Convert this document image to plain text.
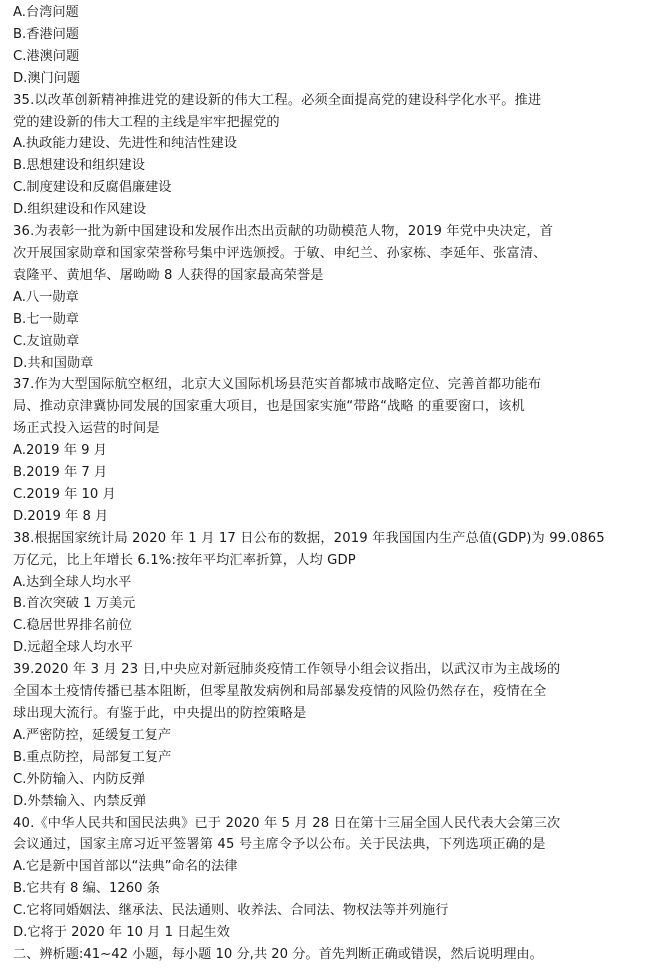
A.台湾问题
B.香港问题
C.港澳问题
D.澳门问题
35.以改革创新精神推进党的建设新的伟大工程。必须全面提高党的建设科学化水平。推进
党的建设新的伟大工程的主线是牢牢把握党的
A.执政能力建设、先进性和纯洁性建设
B.思想建设和组织建设
C.制度建设和反腐倡廉建设
D.组织建设和作风建设
36.为表彰一批为新中国建设和发展作出杰出贡献的功勋模范人物，2019 年党中央决定，首
次开展国家勋章和国家荣誉称号集中评选颁授。于敏、申纪兰、孙家栋、李延年、张富清、
袁隆平、黄旭华、屠呦呦 8 人获得的国家最高荣誉是
A.八一勋章
B.七一勋章
C.友谊勋章
D.共和国勋章
37.作为大型国际航空枢纽，北京大义国际机场县范实首都城市战略定位、完善首都功能布
局、推动京津冀协同发展的国家重大项目，也是国家实施“带路“战略 的重要窗口，该机
场正式投入运营的时间是
A.2019 年 9 月
B.2019 年 7 月
C.2019 年 10 月
D.2019 年 8 月
38.根据国家统计局 2020 年 1 月 17 日公布的数据，2019 年我国国内生产总值(GDP)为 99.0865
万亿元，比上年增长 6.1%:按年平均汇率折算，人均 GDP
A.达到全球人均水平
B.首次突破 1 万美元
C.稳居世界排名前位
D.远超全球人均水平
39.2020 年 3 月 23 日,中央应对新冠肺炎疫情工作领导小组会议指出，以武汉市为主战场的
全国本土疫情传播已基本阻断，但零星散发病例和局部暴发疫情的风险仍然存在，疫情在全
球出现大流行。有鉴于此，中央提出的防控策略是
A.严密防控，延缓复工复产
B.重点防控，局部复工复产
C.外防输入、内防反弹
D.外禁输入、内禁反弹
40.《中华人民共和国民法典》已于 2020 年 5 月 28 日在第十三届全国人民代表大会第三次
会议通过，国家主席习近平签署第 45 号主席令予以公布。关于民法典，下列选项正确的是
A.它是新中国首部以“法典”命名的法律
B.它共有 8 编、1260 条
C.它将同婚姻法、继承法、民法通则、收养法、合同法、物权法等并列施行
D.它将于 2020 年 10 月 1 日起生效
二、辨析题:41~42 小题，每小题 10 分,共 20 分。首先判断正确或错误，然后说明理由。
